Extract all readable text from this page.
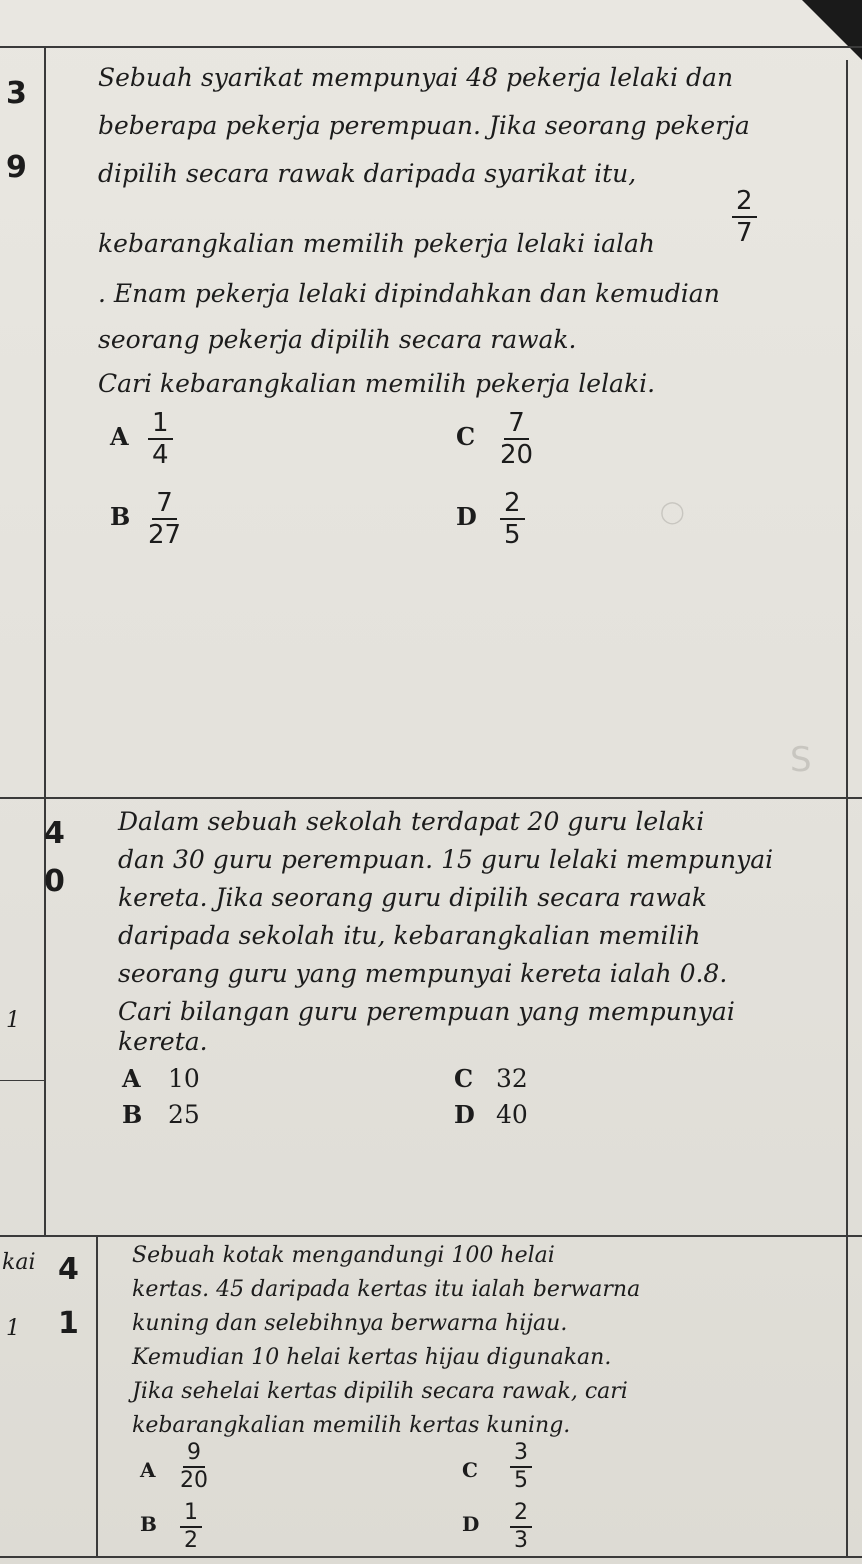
◯
S
3
9
Sebuah syarikat mempunyai 48 pekerja lelaki dan
beberapa pekerja perempuan. Jika seorang pekerja
dipilih secara rawak daripada syarikat itu,
kebarangkalian memilih pekerja lelaki ialah	$\frac{2}{7}$
. Enam pekerja lelaki dipindahkan dan kemudian
seorang pekerja dipilih secara rawak.
Cari kebarangkalian memilih pekerja lelaki.
A $\frac{1}{4}$
B $\frac{7}{27}$
C $\frac{7}{20}$
D $\frac{2}{5}$
4
0
1
Dalam sebuah sekolah terdapat 20 guru lelaki
dan 30 guru perempuan. 15 guru lelaki mempunyai
kereta. Jika seorang guru dipilih secara rawak
daripada sekolah itu, kebarangkalian memilih
seorang guru yang mempunyai kereta ialah 0.8.
Cari bilangan guru perempuan yang mempunyai
kereta.
A 10
B 25
C 32
D 40
kai
1
4
1
Sebuah kotak mengandungi 100 helai
kertas. 45 daripada kertas itu ialah berwarna
kuning dan selebihnya berwarna hijau.
Kemudian 10 helai kertas hijau digunakan.
Jika sehelai kertas dipilih secara rawak, cari
kebarangkalian memilih kertas kuning.
A $\frac{9}{20}$
B $\frac{1}{2}$
C $\frac{3}{5}$
D $\frac{2}{3}$
